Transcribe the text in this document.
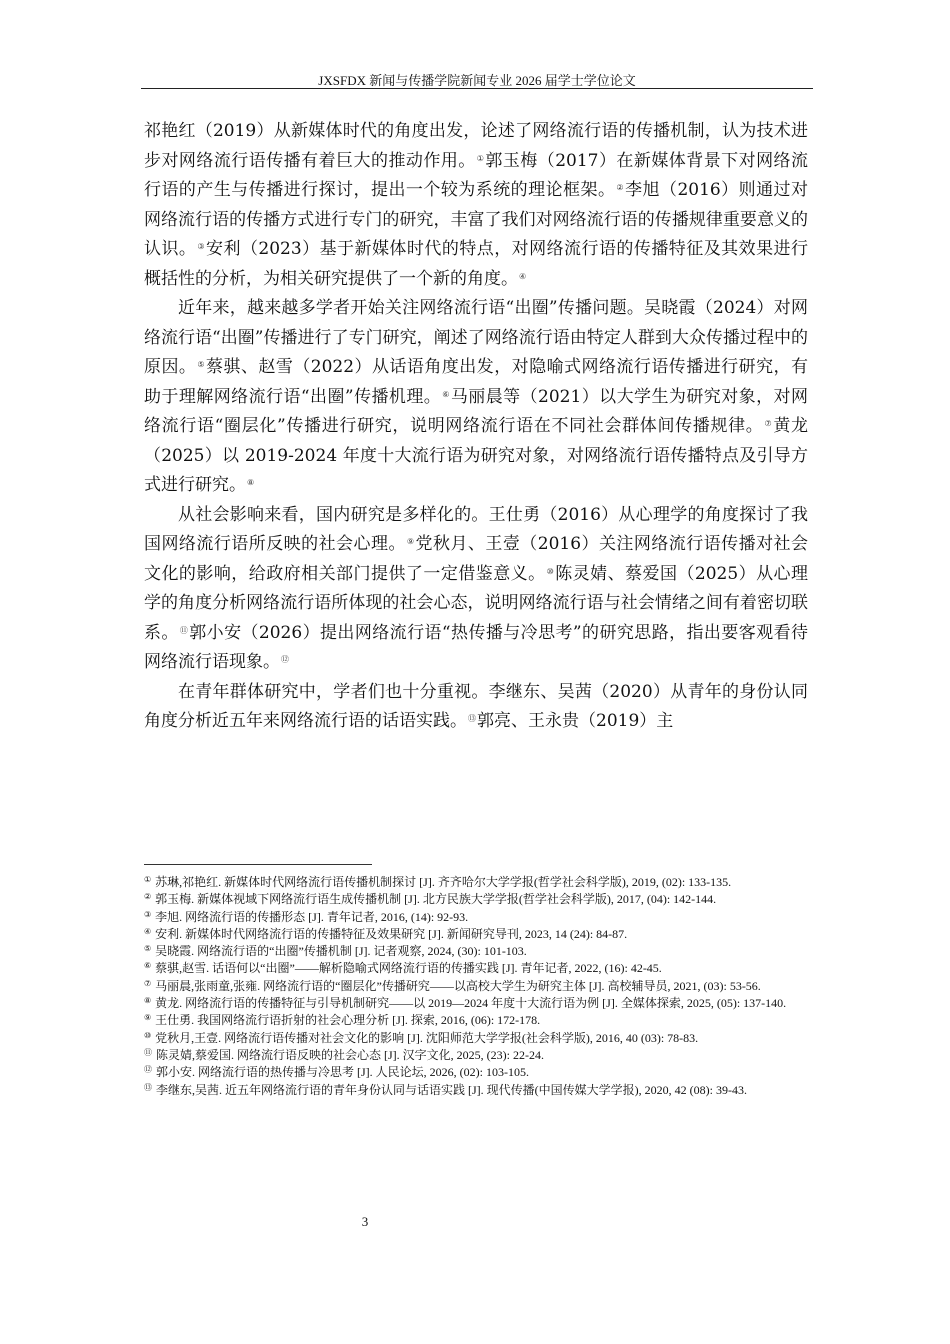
JXSFDX 新闻与传播学院新闻专业 2026 届学士学位论文

祁艳红（2019）从新媒体时代的角度出发，论述了网络流行语的传播机制，认为技术进步对网络流行语传播有着巨大的推动作用。①郭玉梅（2017）在新媒体背景下对网络流行语的产生与传播进行探讨，提出一个较为系统的理论框架。②李旭（2016）则通过对网络流行语的传播方式进行专门的研究，丰富了我们对网络流行语的传播规律重要意义的认识。③安利（2023）基于新媒体时代的特点，对网络流行语的传播特征及其效果进行概括性的分析，为相关研究提供了一个新的角度。④

近年来，越来越多学者开始关注网络流行语“出圈”传播问题。吴晓霞（2024）对网络流行语“出圈”传播进行了专门研究，阐述了网络流行语由特定人群到大众传播过程中的原因。⑤蔡骐、赵雪（2022）从话语角度出发，对隐喻式网络流行语传播进行研究，有助于理解网络流行语“出圈”传播机理。⑥马丽晨等（2021）以大学生为研究对象，对网络流行语“圈层化”传播进行研究，说明网络流行语在不同社会群体间传播规律。⑦黄龙（2025）以 2019-2024 年度十大流行语为研究对象，对网络流行语传播特点及引导方式进行研究。⑧

从社会影响来看，国内研究是多样化的。王仕勇（2016）从心理学的角度探讨了我国网络流行语所反映的社会心理。⑨党秋月、王壹（2016）关注网络流行语传播对社会文化的影响，给政府相关部门提供了一定借鉴意义。⑩陈灵婧、蔡爱国（2025）从心理学的角度分析网络流行语所体现的社会心态，说明网络流行语与社会情绪之间有着密切联系。⑪郭小安（2026）提出网络流行语“热传播与冷思考”的研究思路，指出要客观看待网络流行语现象。⑫

在青年群体研究中，学者们也十分重视。李继东、吴茜（2020）从青年的身份认同角度分析近五年来网络流行语的话语实践。⑬郭亮、王永贵（2019）主

① 苏琳,祁艳红. 新媒体时代网络流行语传播机制探讨 [J]. 齐齐哈尔大学学报(哲学社会科学版), 2019, (02): 133-135.
② 郭玉梅. 新媒体视域下网络流行语生成传播机制 [J]. 北方民族大学学报(哲学社会科学版), 2017, (04): 142-144.
③ 李旭. 网络流行语的传播形态 [J]. 青年记者, 2016, (14): 92-93.
④ 安利. 新媒体时代网络流行语的传播特征及效果研究 [J]. 新闻研究导刊, 2023, 14 (24): 84-87.
⑤ 吴晓霞. 网络流行语的“出圈”传播机制 [J]. 记者观察, 2024, (30): 101-103.
⑥ 蔡骐,赵雪. 话语何以“出圈”——解析隐喻式网络流行语的传播实践 [J]. 青年记者, 2022, (16): 42-45.
⑦ 马丽晨,张雨童,张雍. 网络流行语的“圈层化”传播研究——以高校大学生为研究主体 [J]. 高校辅导员, 2021, (03): 53-56.
⑧ 黄龙. 网络流行语的传播特征与引导机制研究——以 2019—2024 年度十大流行语为例 [J]. 全媒体探索, 2025, (05): 137-140.
⑨ 王仕勇. 我国网络流行语折射的社会心理分析 [J]. 探索, 2016, (06): 172-178.
⑩ 党秋月,王壹. 网络流行语传播对社会文化的影响 [J]. 沈阳师范大学学报(社会科学版), 2016, 40 (03): 78-83.
⑪ 陈灵婧,蔡爱国. 网络流行语反映的社会心态 [J]. 汉字文化, 2025, (23): 22-24.
⑫ 郭小安. 网络流行语的热传播与冷思考 [J]. 人民论坛, 2026, (02): 103-105.
⑬ 李继东,吴茜. 近五年网络流行语的青年身份认同与话语实践 [J]. 现代传播(中国传媒大学学报), 2020, 42 (08): 39-43.
3
